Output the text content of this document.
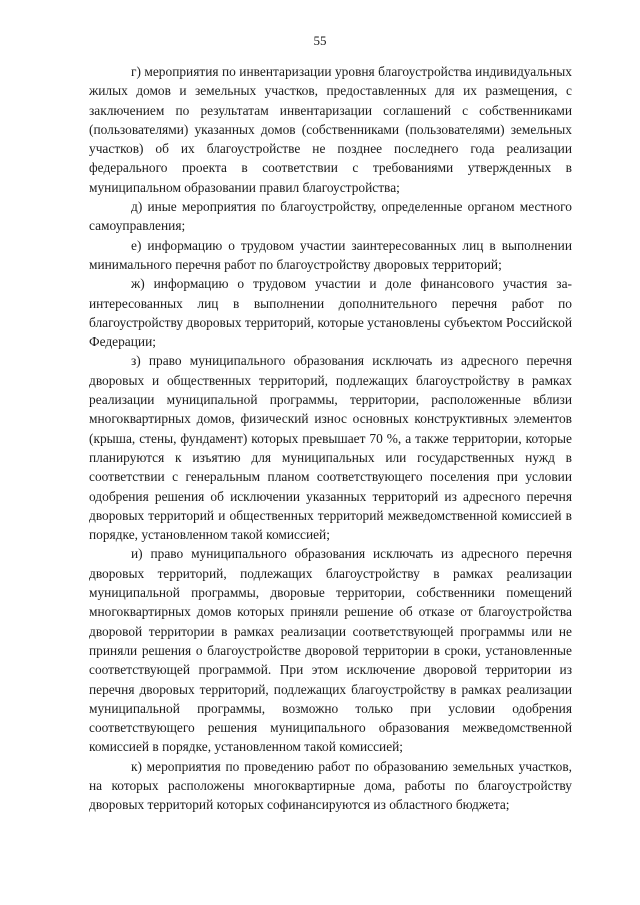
55

г) мероприятия по инвентаризации уровня благоустройства индивидуальных жилых домов и земельных участков, предоставленных для их размещения, с заключением по результатам инвентаризации соглашений с собственниками (пользователями) указанных домов (собственниками (пользователями) земельных участков) об их благоустройстве не позднее последнего года реализации федерального проекта в соответствии с требованиями утвержденных в муниципальном образовании правил благоустройства;

д) иные мероприятия по благоустройству, определенные органом местного самоуправления;

е) информацию о трудовом участии заинтересованных лиц в выполнении минимального перечня работ по благоустройству дворовых территорий;

ж) информацию о трудовом участии и доле финансового участия заинтересованных лиц в выполнении дополнительного перечня работ по благоустройству дворовых территорий, которые установлены субъектом Российской Федерации;

з) право муниципального образования исключать из адресного перечня дворовых и общественных территорий, подлежащих благоустройству в рамках реализации муниципальной программы, территории, расположенные вблизи многоквартирных домов, физический износ основных конструктивных элементов (крыша, стены, фундамент) которых превышает 70 %, а также территории, которые планируются к изъятию для муниципальных или государственных нужд в соответствии с генеральным планом соответствующего поселения при условии одобрения решения об исключении указанных территорий из адресного перечня дворовых территорий и общественных территорий межведомственной комиссией в порядке, установленном такой комиссией;

и) право муниципального образования исключать из адресного перечня дворовых территорий, подлежащих благоустройству в рамках реализации муниципальной программы, дворовые территории, собственники помещений многоквартирных домов которых приняли решение об отказе от благоустройства дворовой территории в рамках реализации соответствующей программы или не приняли решения о благоустройстве дворовой территории в сроки, установленные соответствующей программой. При этом исключение дворовой территории из перечня дворовых территорий, подлежащих благоустройству в рамках реализации муниципальной программы, возможно только при условии одобрения соответствующего решения муниципального образования межведомственной комиссией в порядке, установленном такой комиссией;

к) мероприятия по проведению работ по образованию земельных участков, на которых расположены многоквартирные дома, работы по благоустройству дворовых территорий которых софинансируются из областного бюджета;
